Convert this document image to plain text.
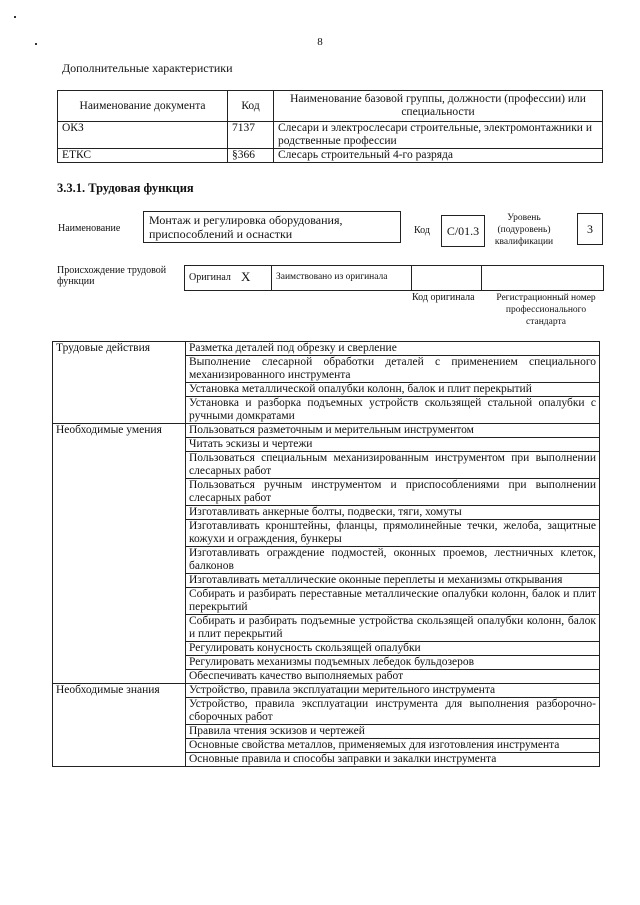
8
Дополнительные характеристики
Наименование документа	Код	Наименование базовой группы, должности (профессии) или специальности
ОКЗ	7137	Слесари и электрослесари строительные, электромонтажники и родственные профессии
ЕТКС	§366	Слесарь строительный 4-го разряда
3.3.1. Трудовая функция
Наименование
Монтаж и регулировка оборудования, приспособлений и оснастки	Код	С/01.3
Уровень (подуровень) квалификации
3
Происхождение трудовой функции	Оригинал Х	Заимствовано из оригинала
Код оригинала	Регистрационный номер профессионального стандарта
Трудовые действия	Разметка деталей под обрезку и сверление
	Выполнение слесарной обработки деталей с применением специального механизированного инструмента
	Установка металлической опалубки колонн, балок и плит перекрытий
	Установка и разборка подъемных устройств скользящей стальной опалубки с ручными домкратами
Необходимые умения	Пользоваться разметочным и мерительным инструментом
	Читать эскизы и чертежи
	Пользоваться специальным механизированным инструментом при выполнении слесарных работ
	Пользоваться ручным инструментом и приспособлениями при выполнении слесарных работ
	Изготавливать анкерные болты, подвески, тяги, хомуты
	Изготавливать кронштейны, фланцы, прямолинейные течки, желоба, защитные кожухи и ограждения, бункеры
	Изготавливать ограждение подмостей, оконных проемов, лестничных клеток, балконов
	Изготавливать металлические оконные переплеты и механизмы открывания
	Собирать и разбирать переставные металлические опалубки колонн, балок и плит перекрытий
	Собирать и разбирать подъемные устройства скользящей опалубки колонн, балок и плит перекрытий
	Регулировать конусность скользящей опалубки
	Регулировать механизмы подъемных лебедок бульдозеров
	Обеспечивать качество выполняемых работ
Необходимые знания	Устройство, правила эксплуатации мерительного инструмента
	Устройство, правила эксплуатации инструмента для выполнения разборочно-сборочных работ
	Правила чтения эскизов и чертежей
	Основные свойства металлов, применяемых для изготовления инструмента
	Основные правила и способы заправки и закалки инструмента
